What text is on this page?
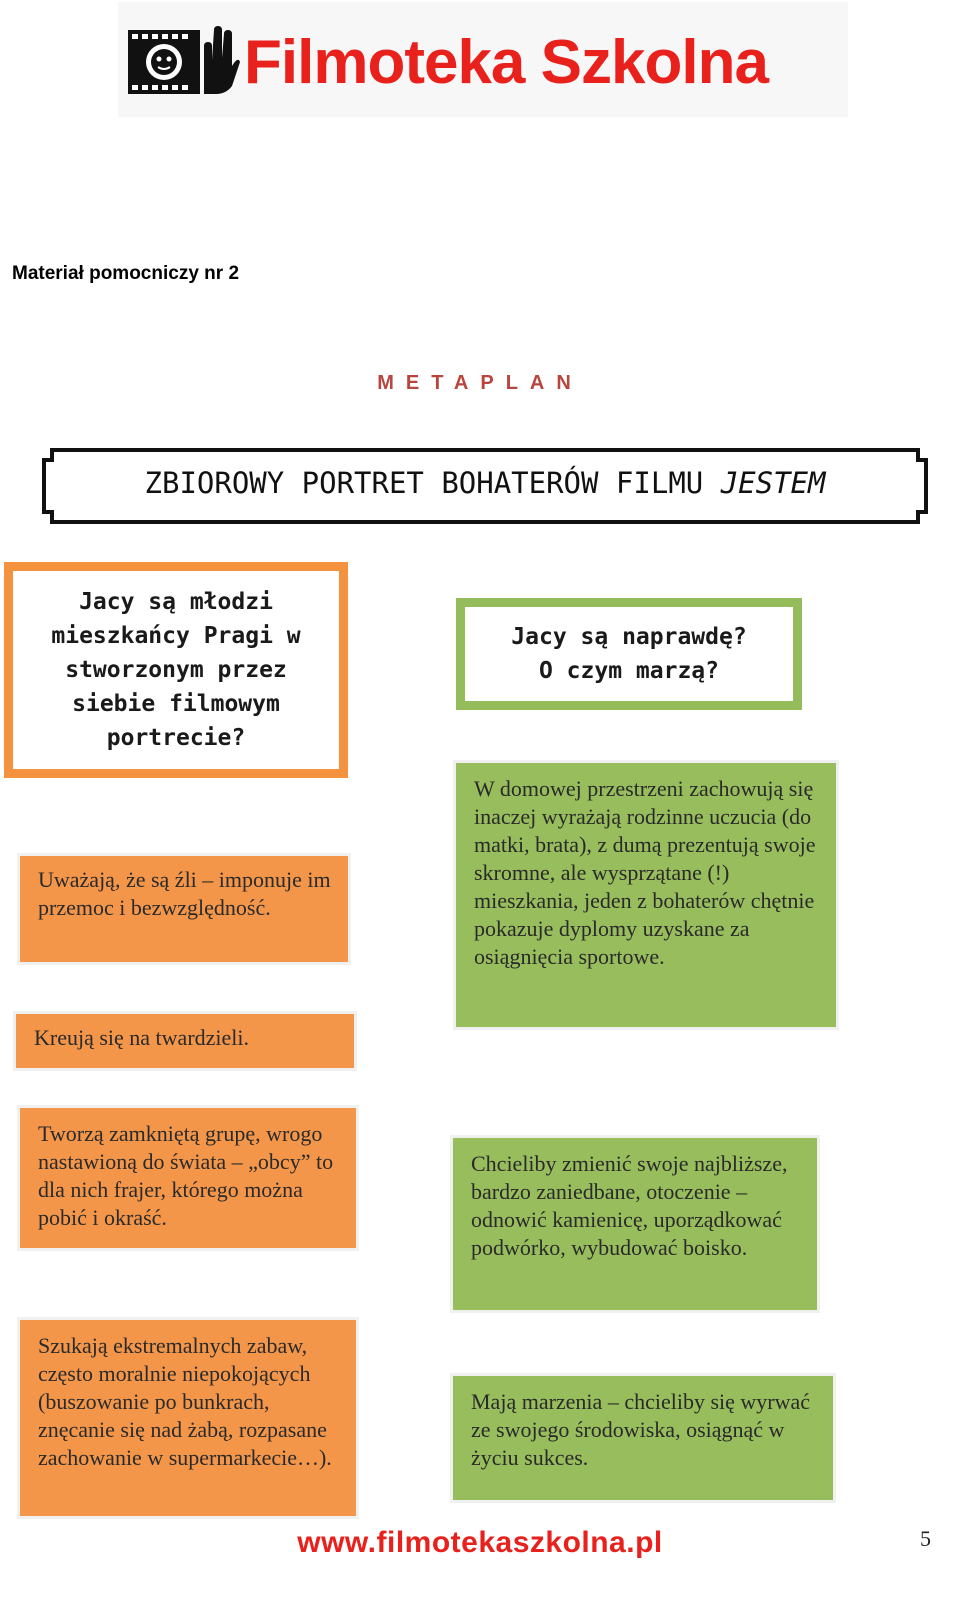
Filmoteka Szkolna
Materiał pomocniczy nr 2
METAPLAN
ZBIOROWY PORTRET BOHATERÓW FILMU JESTEM
Jacy są młodzi mieszkańcy Pragi w stworzonym przez siebie filmowym portrecie?
Jacy są naprawdę? O czym marzą?
Uważają, że są źli – imponuje im przemoc i bezwzględność.
Kreują się na twardzieli.
Tworzą zamkniętą grupę, wrogo nastawioną do świata – „obcy” to dla nich frajer, którego można pobić i okraść.
Szukają ekstremalnych zabaw, często moralnie niepokojących (buszowanie po bunkrach, znęcanie się nad żabą, rozpasane zachowanie w supermarkecie…).
W domowej przestrzeni zachowują się inaczej wyrażają rodzinne uczucia (do matki, brata), z dumą prezentują swoje skromne, ale wysprzątane (!) mieszkania, jeden z bohaterów chętnie pokazuje dyplomy uzyskane za osiągnięcia sportowe.
Chcieliby zmienić swoje najbliższe, bardzo zaniedbane, otoczenie – odnowić kamienicę, uporządkować podwórko, wybudować boisko.
Mają marzenia – chcieliby się wyrwać ze swojego środowiska, osiągnąć w życiu sukces.
www.filmotekaszkolna.pl	5
